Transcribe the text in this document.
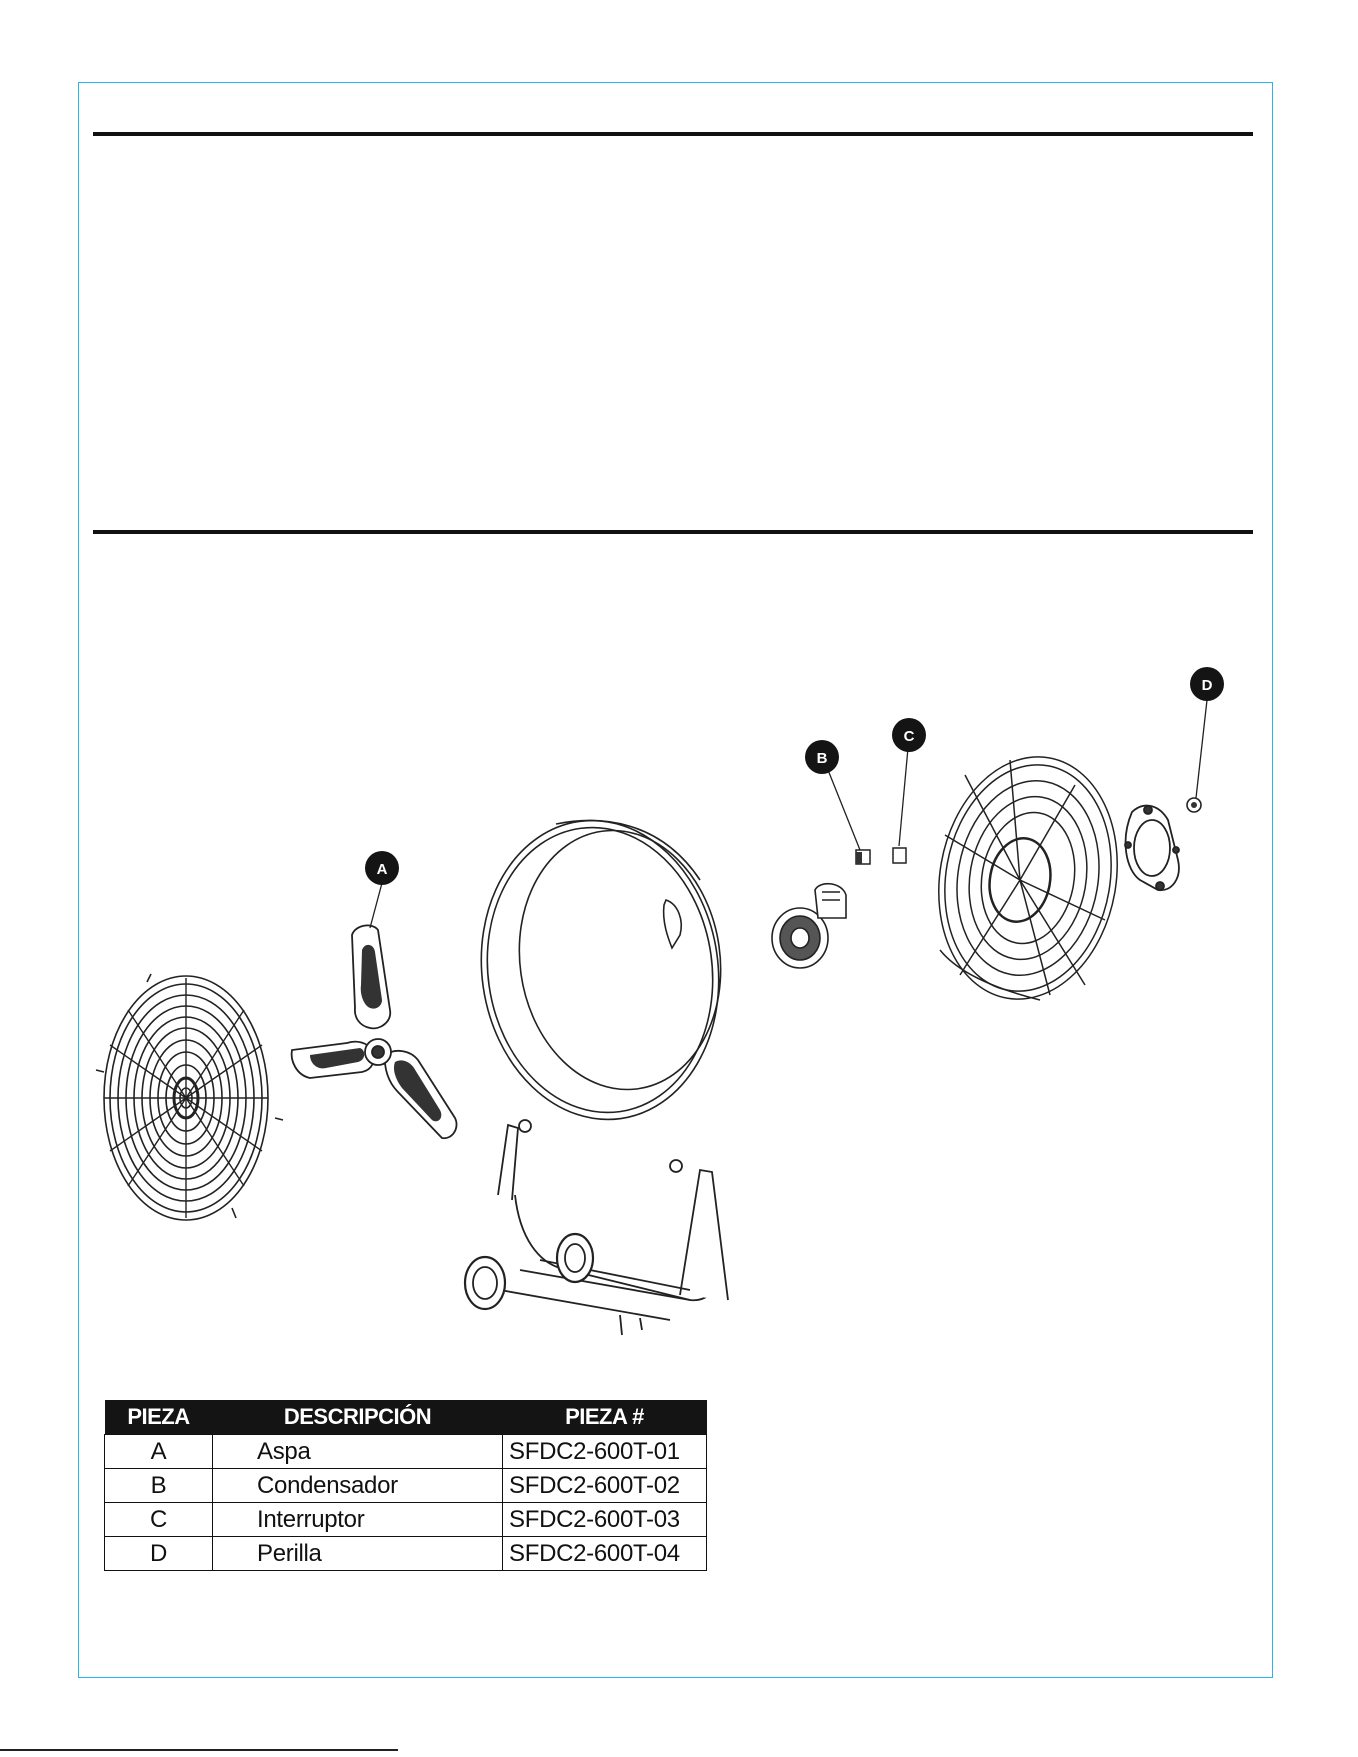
A
B
C
D
PIEZA	DESCRIPCIÓN	PIEZA #
A	Aspa	SFDC2-600T-01
B	Condensador	SFDC2-600T-02
C	Interruptor	SFDC2-600T-03
D	Perilla	SFDC2-600T-04
